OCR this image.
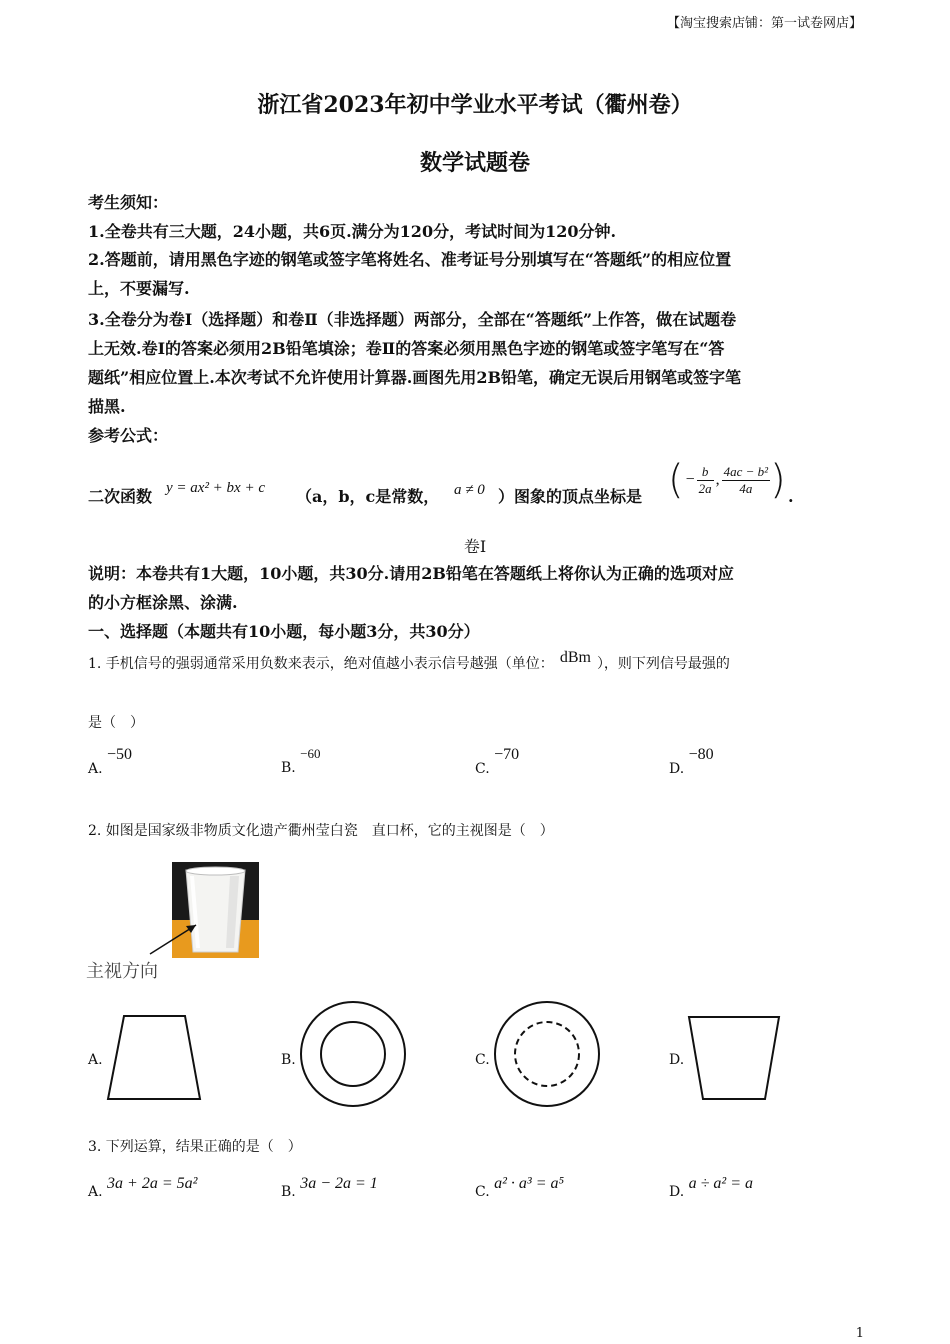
【淘宝搜索店铺：第一试卷网店】
浙江省2023年初中学业水平考试（衢州卷）
数学试题卷
考生须知：
1.全卷共有三大题，24小题，共6页.满分为120分，考试时间为120分钟.
2.答题前，请用黑色字迹的钢笔或签字笔将姓名、准考证号分别填写在“答题纸”的相应位置
上，不要漏写.
3.全卷分为卷Ⅰ（选择题）和卷Ⅱ（非选择题）两部分，全部在“答题纸”上作答，做在试题卷
上无效.卷Ⅰ的答案必须用2B铅笔填涂；卷Ⅱ的答案必须用黑色字迹的钢笔或签字笔写在“答
题纸”相应位置上.本次考试不允许使用计算器.画图先用2B铅笔，确定无误后用钢笔或签字笔
描黑.
参考公式：
二次函数 y = ax² + bx + c （a，b，c是常数， a ≠ 0 ）图象的顶点坐标是 ( − $\frac{b}{2a}$ , $\frac{\text{4ac − b²}}{4a}$ ) .
卷Ⅰ
说明：本卷共有1大题，10小题，共30分.请用2B铅笔在答题纸上将你认为正确的选项对应
的小方框涂黑、涂满.
一、选择题（本题共有10小题，每小题3分，共30分）
1. 手机信号的强弱通常采用负数来表示，绝对值越小表示信号越强（单位： dBm ），则下列信号最强的
是（　）
A. −50
B. −60
C. −70
D. −80
2. 如图是国家级非物质文化遗产衢州莹白瓷　直口杯，它的主视图是（　）
主视方向
A.	B.	C.	D.
3. 下列运算，结果正确的是（　）
A. 3a + 2a = 5a²	B. 3a − 2a = 1	C. a² · a³ = a⁵	D. a ÷ a² = a
1
